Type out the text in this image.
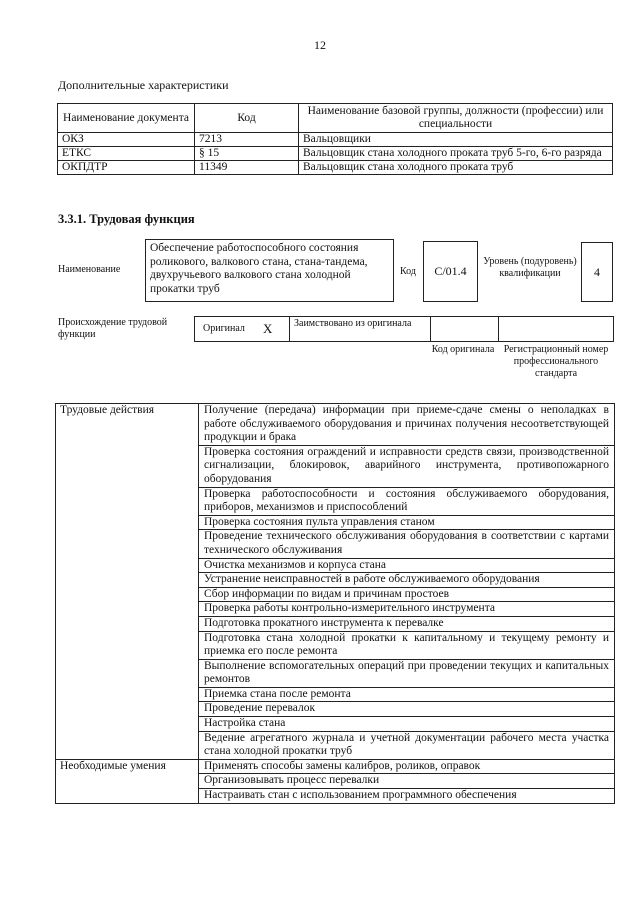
12
Дополнительные характеристики
Наименование документа	Код	Наименование базовой группы, должности (профессии) или специальности
ОКЗ	7213	Вальцовщики
ЕТКС	§ 15	Вальцовщик стана холодного проката труб 5-го, 6-го разряда
ОКПДТР	11349	Вальцовщик стана холодного проката труб
3.3.1. Трудовая функция
Наименование
Обеспечение работоспособного состояния роликового, валкового стана, стана-тандема, двухручьевого валкового стана холодной прокатки труб
Код	C/01.4
Уровень (подуровень) квалификации	4
Происхождение трудовой функции
Оригинал X Заимствовано из оригинала
Код оригинала Регистрационный номер профессионального стандарта
Трудовые действия	Получение (передача) информации при приеме-сдаче смены о неполадках в работе обслуживаемого оборудования и причинах получения несоответствующей продукции и брака
	Проверка состояния ограждений и исправности средств связи, производственной сигнализации, блокировок, аварийного инструмента, противопожарного оборудования
	Проверка работоспособности и состояния обслуживаемого оборудования, приборов, механизмов и приспособлений
	Проверка состояния пульта управления станом
	Проведение технического обслуживания оборудования в соответствии с картами технического обслуживания
	Очистка механизмов и корпуса стана
	Устранение неисправностей в работе обслуживаемого оборудования
	Сбор информации по видам и причинам простоев
	Проверка работы контрольно-измерительного инструмента
	Подготовка прокатного инструмента к перевалке
	Подготовка стана холодной прокатки к капитальному и текущему ремонту и приемка его после ремонта
	Выполнение вспомогательных операций при проведении текущих и капитальных ремонтов
	Приемка стана после ремонта
	Проведение перевалок
	Настройка стана
	Ведение агрегатного журнала и учетной документации рабочего места участка стана холодной прокатки труб
Необходимые умения	Применять способы замены калибров, роликов, оправок
	Организовывать процесс перевалки
	Настраивать стан с использованием программного обеспечения
